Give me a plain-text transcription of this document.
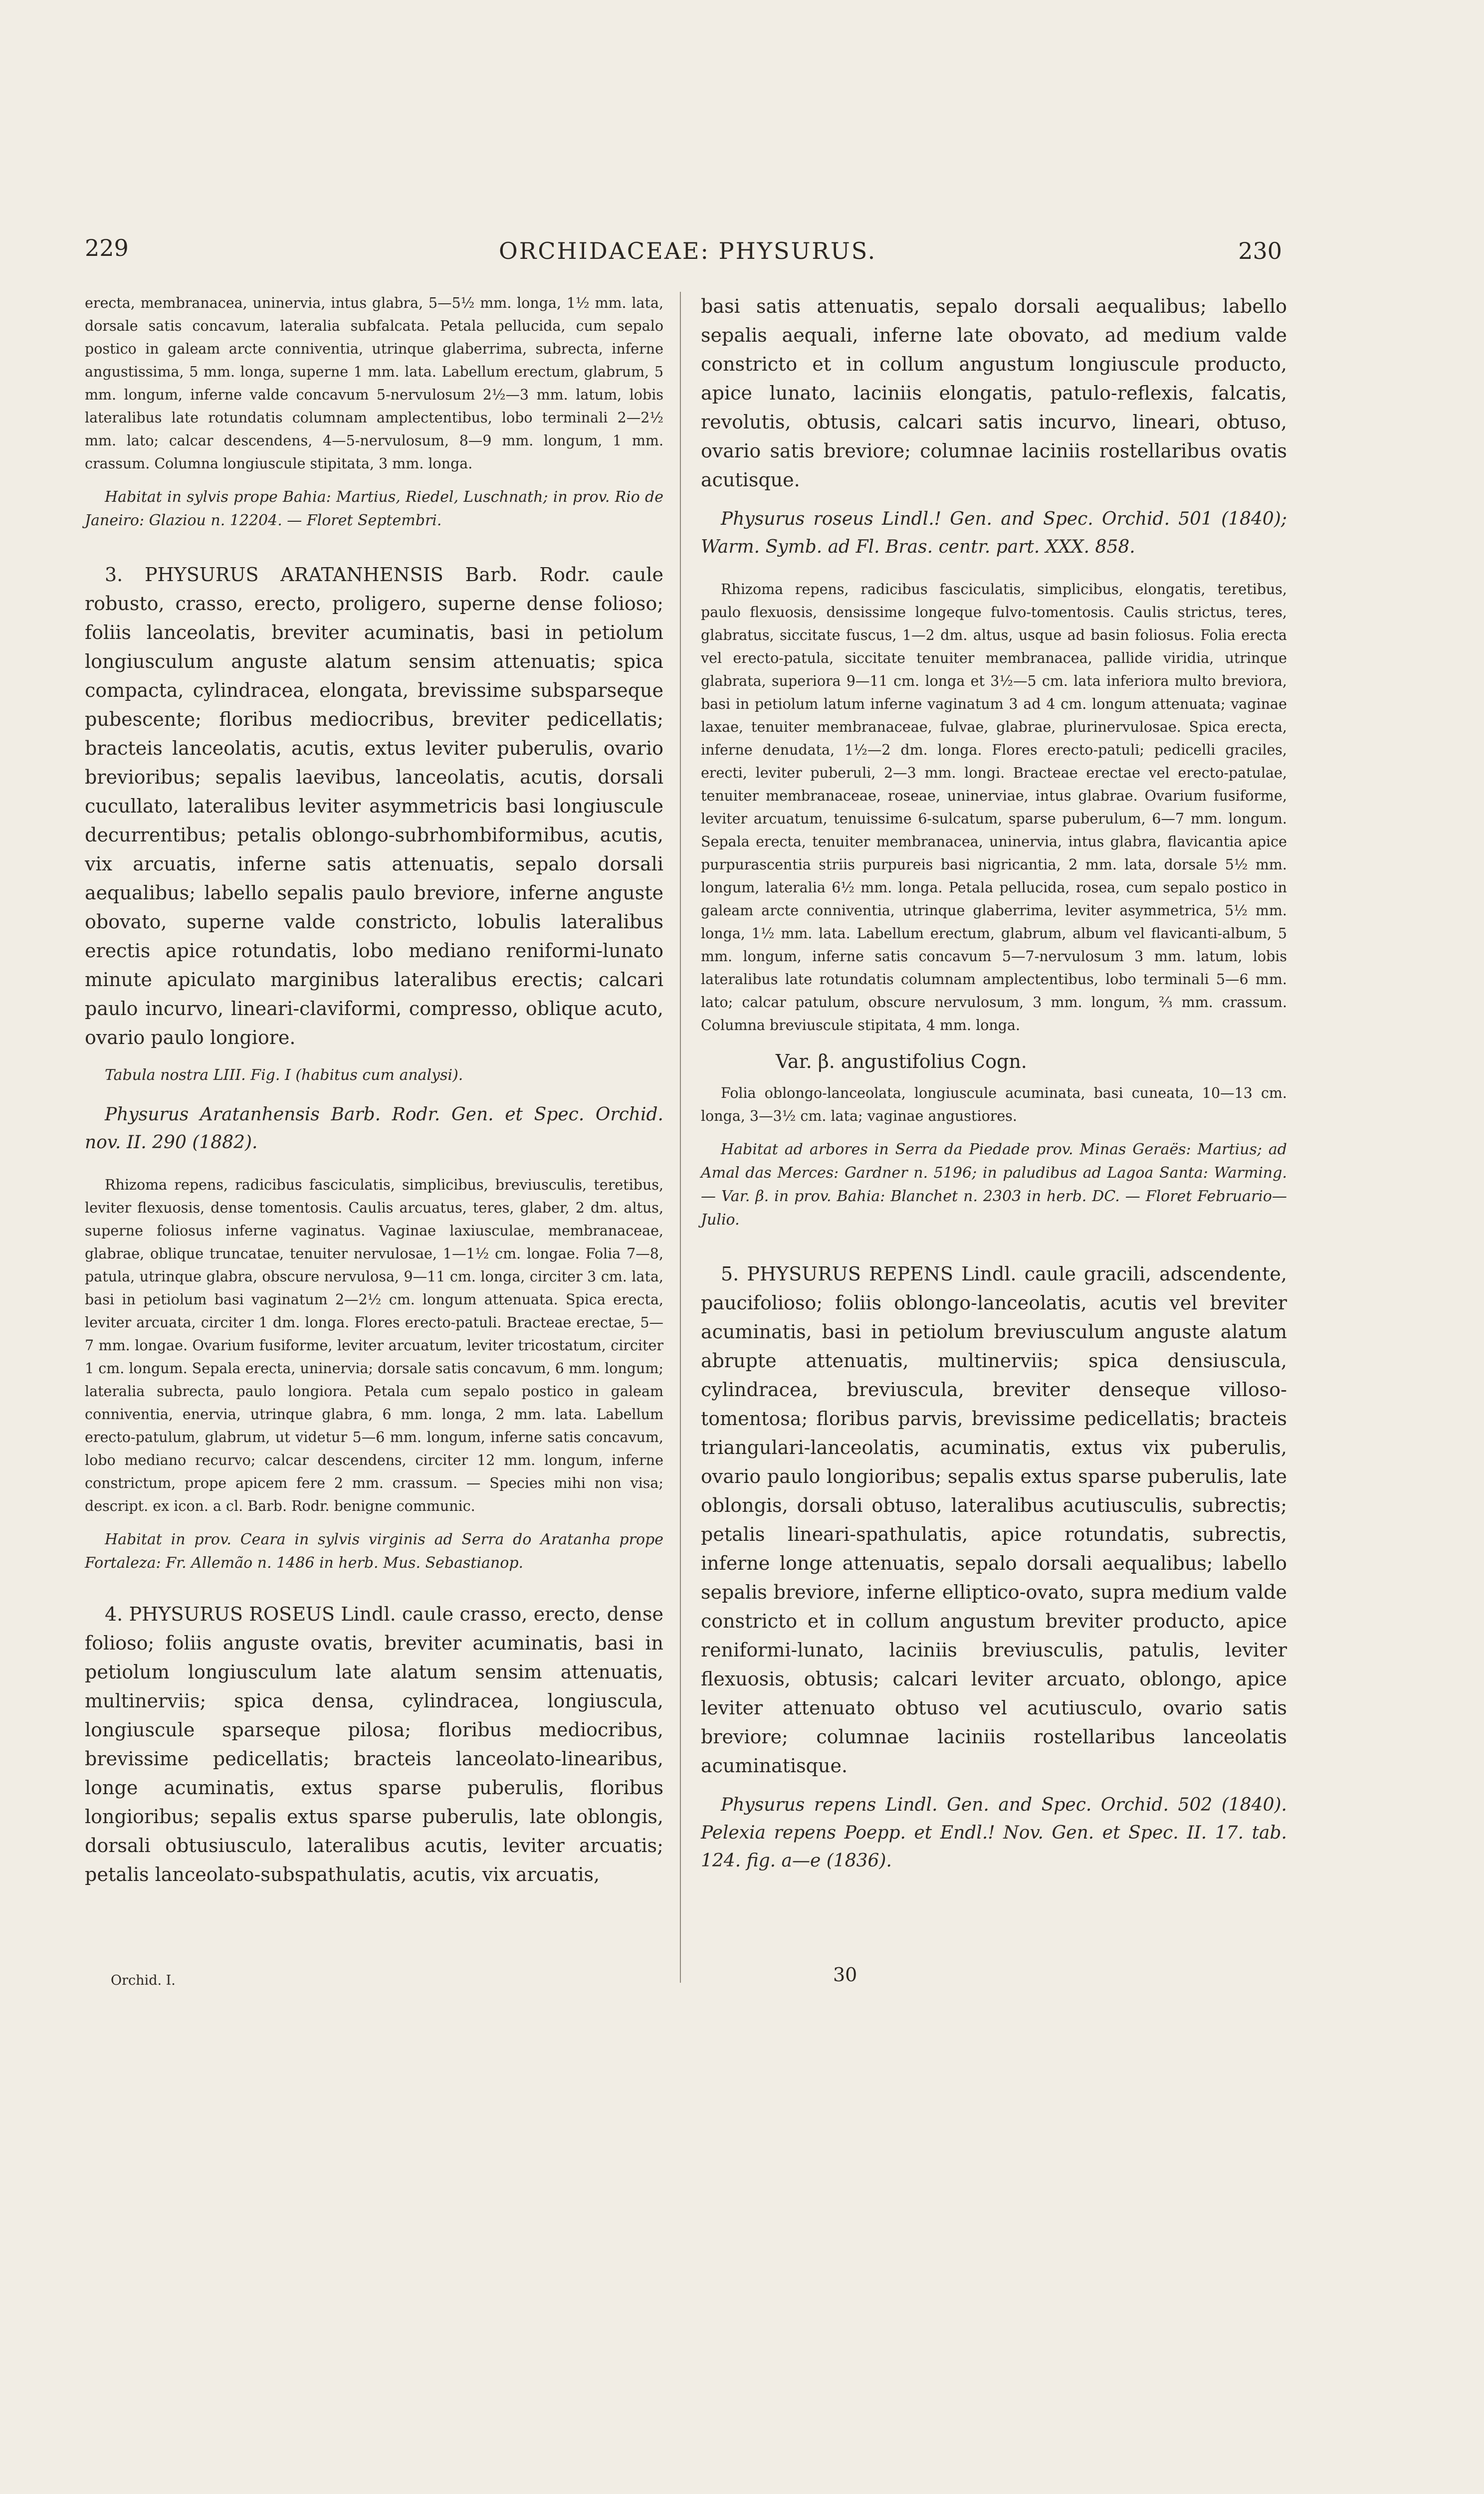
229	ORCHIDACEAE: PHYSURUS.	230

erecta, membranacea, uninervia, intus glabra, 5—5½ mm. longa, 1½ mm. lata, dorsale satis concavum, lateralia subfalcata. Petala pellucida, cum sepalo postico in galeam arcte conniventia, utrinque glaberrima, subrecta, inferne angustissima, 5 mm. longa, superne 1 mm. lata. Labellum erectum, glabrum, 5 mm. longum, inferne valde concavum 5-nervulosum 2½—3 mm. latum, lobis lateralibus late rotundatis columnam amplectentibus, lobo terminali 2—2½ mm. lato; calcar descendens, 4—5-nervulosum, 8—9 mm. longum, 1 mm. crassum. Columna longiuscule stipitata, 3 mm. longa.

Habitat in sylvis prope Bahia: Martius, Riedel, Luschnath; in prov. Rio de Janeiro: Glaziou n. 12204. — Floret Septembri.

3. PHYSURUS ARATANHENSIS Barb. Rodr. caule robusto, crasso, erecto, proligero, superne dense folioso; foliis lanceolatis, breviter acuminatis, basi in petiolum longiusculum anguste alatum sensim attenuatis; spica compacta, cylindracea, elongata, brevissime subsparseque pubescente; floribus mediocribus, breviter pedicellatis; bracteis lanceolatis, acutis, extus leviter puberulis, ovario brevioribus; sepalis laevibus, lanceolatis, acutis, dorsali cucullato, lateralibus leviter asymmetricis basi longiuscule decurrentibus; petalis oblongo-subrhombiformibus, acutis, vix arcuatis, inferne satis attenuatis, sepalo dorsali aequalibus; labello sepalis paulo breviore, inferne anguste obovato, superne valde constricto, lobulis lateralibus erectis apice rotundatis, lobo mediano reniformi-lunato minute apiculato marginibus lateralibus erectis; calcari paulo incurvo, lineari-claviformi, compresso, oblique acuto, ovario paulo longiore.

Tabula nostra LIII. Fig. I (habitus cum analysi).

Physurus Aratanhensis Barb. Rodr. Gen. et Spec. Orchid. nov. II. 290 (1882).

Rhizoma repens, radicibus fasciculatis, simplicibus, breviusculis, teretibus, leviter flexuosis, dense tomentosis. Caulis arcuatus, teres, glaber, 2 dm. altus, superne foliosus inferne vaginatus. Vaginae laxiusculae, membranaceae, glabrae, oblique truncatae, tenuiter nervulosae, 1—1½ cm. longae. Folia 7—8, patula, utrinque glabra, obscure nervulosa, 9—11 cm. longa, circiter 3 cm. lata, basi in petiolum basi vaginatum 2—2½ cm. longum attenuata. Spica erecta, leviter arcuata, circiter 1 dm. longa. Flores erecto-patuli. Bracteae erectae, 5—7 mm. longae. Ovarium fusiforme, leviter arcuatum, leviter tricostatum, circiter 1 cm. longum. Sepala erecta, uninervia; dorsale satis concavum, 6 mm. longum; lateralia subrecta, paulo longiora. Petala cum sepalo postico in galeam conniventia, enervia, utrinque glabra, 6 mm. longa, 2 mm. lata. Labellum erecto-patulum, glabrum, ut videtur 5—6 mm. longum, inferne satis concavum, lobo mediano recurvo; calcar descendens, circiter 12 mm. longum, inferne constrictum, prope apicem fere 2 mm. crassum. — Species mihi non visa; descript. ex icon. a cl. Barb. Rodr. benigne communic.

Habitat in prov. Ceara in sylvis virginis ad Serra do Aratanha prope Fortaleza: Fr. Allemão n. 1486 in herb. Mus. Sebastianop.

4. PHYSURUS ROSEUS Lindl. caule crasso, erecto, dense folioso; foliis anguste ovatis, breviter acuminatis, basi in petiolum longiusculum late alatum sensim attenuatis, multinerviis; spica densa, cylindracea, longiuscula, longiuscule sparseque pilosa; floribus mediocribus, brevissime pedicellatis; bracteis lanceolato-linearibus, longe acuminatis, extus sparse puberulis, floribus longioribus; sepalis extus sparse puberulis, late oblongis, dorsali obtusiusculo, lateralibus acutis, leviter arcuatis; petalis lanceolato-subspathulatis, acutis, vix arcuatis,

basi satis attenuatis, sepalo dorsali aequalibus; labello sepalis aequali, inferne late obovato, ad medium valde constricto et in collum angustum longiuscule producto, apice lunato, laciniis elongatis, patulo-reflexis, falcatis, revolutis, obtusis, calcari satis incurvo, lineari, obtuso, ovario satis breviore; columnae laciniis rostellaribus ovatis acutisque.

Physurus roseus Lindl.! Gen. and Spec. Orchid. 501 (1840); Warm. Symb. ad Fl. Bras. centr. part. XXX. 858.

Rhizoma repens, radicibus fasciculatis, simplicibus, elongatis, teretibus, paulo flexuosis, densissime longeque fulvo-tomentosis. Caulis strictus, teres, glabratus, siccitate fuscus, 1—2 dm. altus, usque ad basin foliosus. Folia erecta vel erecto-patula, siccitate tenuiter membranacea, pallide viridia, utrinque glabrata, superiora 9—11 cm. longa et 3½—5 cm. lata inferiora multo breviora, basi in petiolum latum inferne vaginatum 3 ad 4 cm. longum attenuata; vaginae laxae, tenuiter membranaceae, fulvae, glabrae, plurinervulosae. Spica erecta, inferne denudata, 1½—2 dm. longa. Flores erecto-patuli; pedicelli graciles, erecti, leviter puberuli, 2—3 mm. longi. Bracteae erectae vel erecto-patulae, tenuiter membranaceae, roseae, uninerviae, intus glabrae. Ovarium fusiforme, leviter arcuatum, tenuissime 6-sulcatum, sparse puberulum, 6—7 mm. longum. Sepala erecta, tenuiter membranacea, uninervia, intus glabra, flavicantia apice purpurascentia striis purpureis basi nigricantia, 2 mm. lata, dorsale 5½ mm. longum, lateralia 6½ mm. longa. Petala pellucida, rosea, cum sepalo postico in galeam arcte conniventia, utrinque glaberrima, leviter asymmetrica, 5½ mm. longa, 1½ mm. lata. Labellum erectum, glabrum, album vel flavicanti-album, 5 mm. longum, inferne satis concavum 5—7-nervulosum 3 mm. latum, lobis lateralibus late rotundatis columnam amplectentibus, lobo terminali 5—6 mm. lato; calcar patulum, obscure nervulosum, 3 mm. longum, ⅔ mm. crassum. Columna breviuscule stipitata, 4 mm. longa.

Var. β. angustifolius Cogn.

Folia oblongo-lanceolata, longiuscule acuminata, basi cuneata, 10—13 cm. longa, 3—3½ cm. lata; vaginae angustiores.

Habitat ad arbores in Serra da Piedade prov. Minas Geraës: Martius; ad Amal das Merces: Gardner n. 5196; in paludibus ad Lagoa Santa: Warming. — Var. β. in prov. Bahia: Blanchet n. 2303 in herb. DC. — Floret Februario—Julio.

5. PHYSURUS REPENS Lindl. caule gracili, adscendente, paucifolioso; foliis oblongo-lanceolatis, acutis vel breviter acuminatis, basi in petiolum breviusculum anguste alatum abrupte attenuatis, multinerviis; spica densiuscula, cylindracea, breviuscula, breviter denseque villoso-tomentosa; floribus parvis, brevissime pedicellatis; bracteis triangulari-lanceolatis, acuminatis, extus vix puberulis, ovario paulo longioribus; sepalis extus sparse puberulis, late oblongis, dorsali obtuso, lateralibus acutiusculis, subrectis; petalis lineari-spathulatis, apice rotundatis, subrectis, inferne longe attenuatis, sepalo dorsali aequalibus; labello sepalis breviore, inferne elliptico-ovato, supra medium valde constricto et in collum angustum breviter producto, apice reniformi-lunato, laciniis breviusculis, patulis, leviter flexuosis, obtusis; calcari leviter arcuato, oblongo, apice leviter attenuato obtuso vel acutiusculo, ovario satis breviore; columnae laciniis rostellaribus lanceolatis acuminatisque.

Physurus repens Lindl. Gen. and Spec. Orchid. 502 (1840). Pelexia repens Poepp. et Endl.! Nov. Gen. et Spec. II. 17. tab. 124. fig. a—e (1836).

Orchid. I.	30
